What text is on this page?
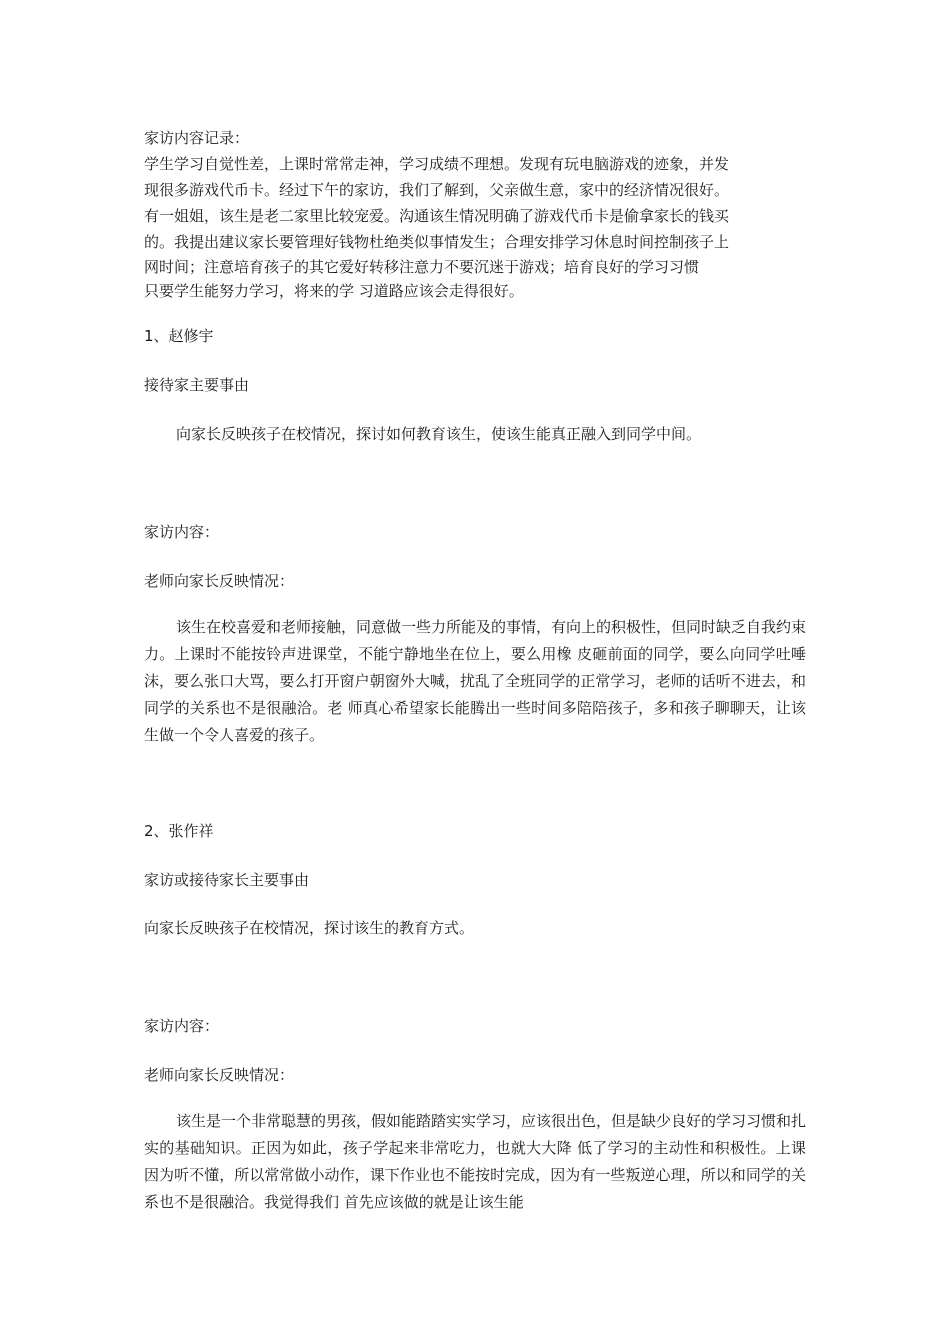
家访内容记录：

学生学习自觉性差，上课时常常走神，学习成绩不理想。发现有玩电脑游戏的迹象，并发

现很多游戏代币卡。经过下午的家访，我们了解到，父亲做生意，家中的经济情况很好。

有一姐姐，该生是老二家里比较宠爱。沟通该生情况明确了游戏代币卡是偷拿家长的钱买

的。我提出建议家长要管理好钱物杜绝类似事情发生；合理安排学习休息时间控制孩子上

网时间；注意培育孩子的其它爱好转移注意力不要沉迷于游戏；培育良好的学习习惯

只要学生能努力学习，将来的学 习道路应该会走得很好。

1、赵修宇

接待家主要事由

向家长反映孩子在校情况，探讨如何教育该生，使该生能真正融入到同学中间。

家访内容：

老师向家长反映情况：

该生在校喜爱和老师接触，同意做一些力所能及的事情，有向上的积极性，但同时缺乏自我约束力。上课时不能按铃声进课堂，不能宁静地坐在位上，要么用橡 皮砸前面的同学，要么向同学吐唾沫，要么张口大骂，要么打开窗户朝窗外大喊，扰乱了全班同学的正常学习，老师的话听不进去，和同学的关系也不是很融洽。老 师真心希望家长能腾出一些时间多陪陪孩子，多和孩子聊聊天，让该生做一个令人喜爱的孩子。

2、张作祥

家访或接待家长主要事由

向家长反映孩子在校情况，探讨该生的教育方式。

家访内容：

老师向家长反映情况：

该生是一个非常聪慧的男孩，假如能踏踏实实学习，应该很出色，但是缺少良好的学习习惯和扎实的基础知识。正因为如此，孩子学起来非常吃力，也就大大降 低了学习的主动性和积极性。上课因为听不懂，所以常常做小动作，课下作业也不能按时完成，因为有一些叛逆心理，所以和同学的关系也不是很融洽。我觉得我们 首先应该做的就是让该生能
